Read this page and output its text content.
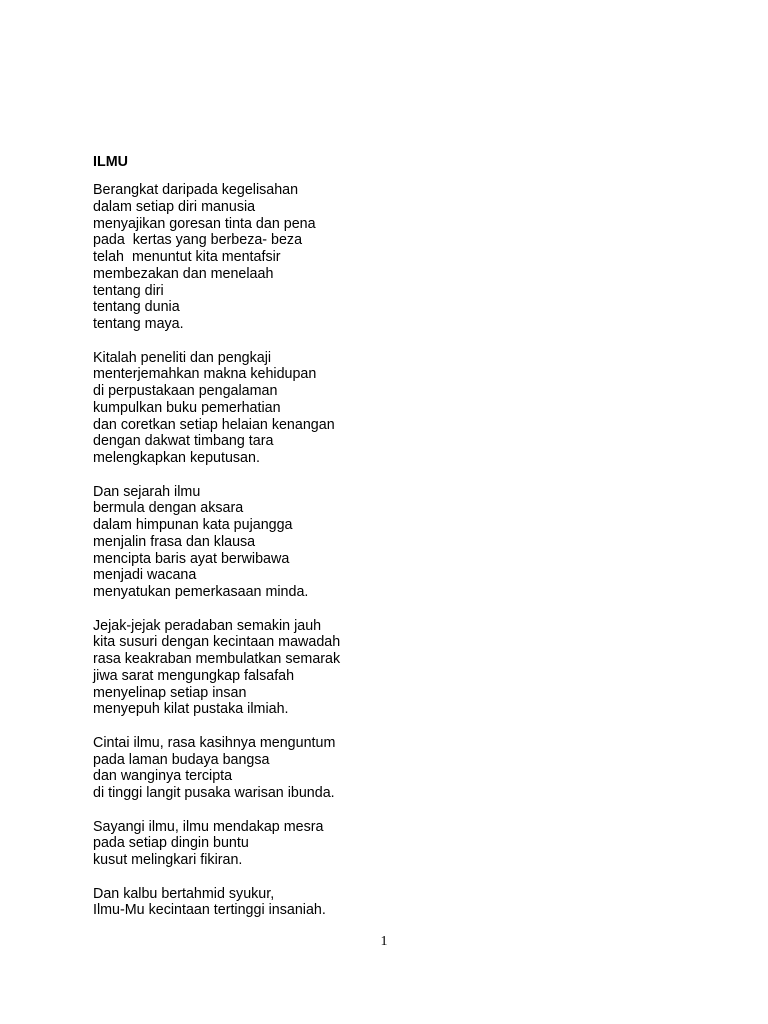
ILMU
Berangkat daripada kegelisahan
dalam setiap diri manusia
menyajikan goresan tinta dan pena
pada  kertas yang berbeza- beza
telah  menuntut kita mentafsir
membezakan dan menelaah
tentang diri
tentang dunia
tentang maya.
Kitalah peneliti dan pengkaji
menterjemahkan makna kehidupan
di perpustakaan pengalaman
kumpulkan buku pemerhatian
dan coretkan setiap helaian kenangan
dengan dakwat timbang tara
melengkapkan keputusan.
Dan sejarah ilmu
bermula dengan aksara
dalam himpunan kata pujangga
menjalin frasa dan klausa
mencipta baris ayat berwibawa
menjadi wacana
menyatukan pemerkasaan minda.
Jejak-jejak peradaban semakin jauh
kita susuri dengan kecintaan mawadah
rasa keakraban membulatkan semarak
jiwa sarat mengungkap falsafah
menyelinap setiap insan
menyepuh kilat pustaka ilmiah.
Cintai ilmu, rasa kasihnya menguntum
pada laman budaya bangsa
dan wanginya tercipta
di tinggi langit pusaka warisan ibunda.
Sayangi ilmu, ilmu mendakap mesra
pada setiap dingin buntu
kusut melingkari fikiran.
Dan kalbu bertahmid syukur,
Ilmu-Mu kecintaan tertinggi insaniah.
1
